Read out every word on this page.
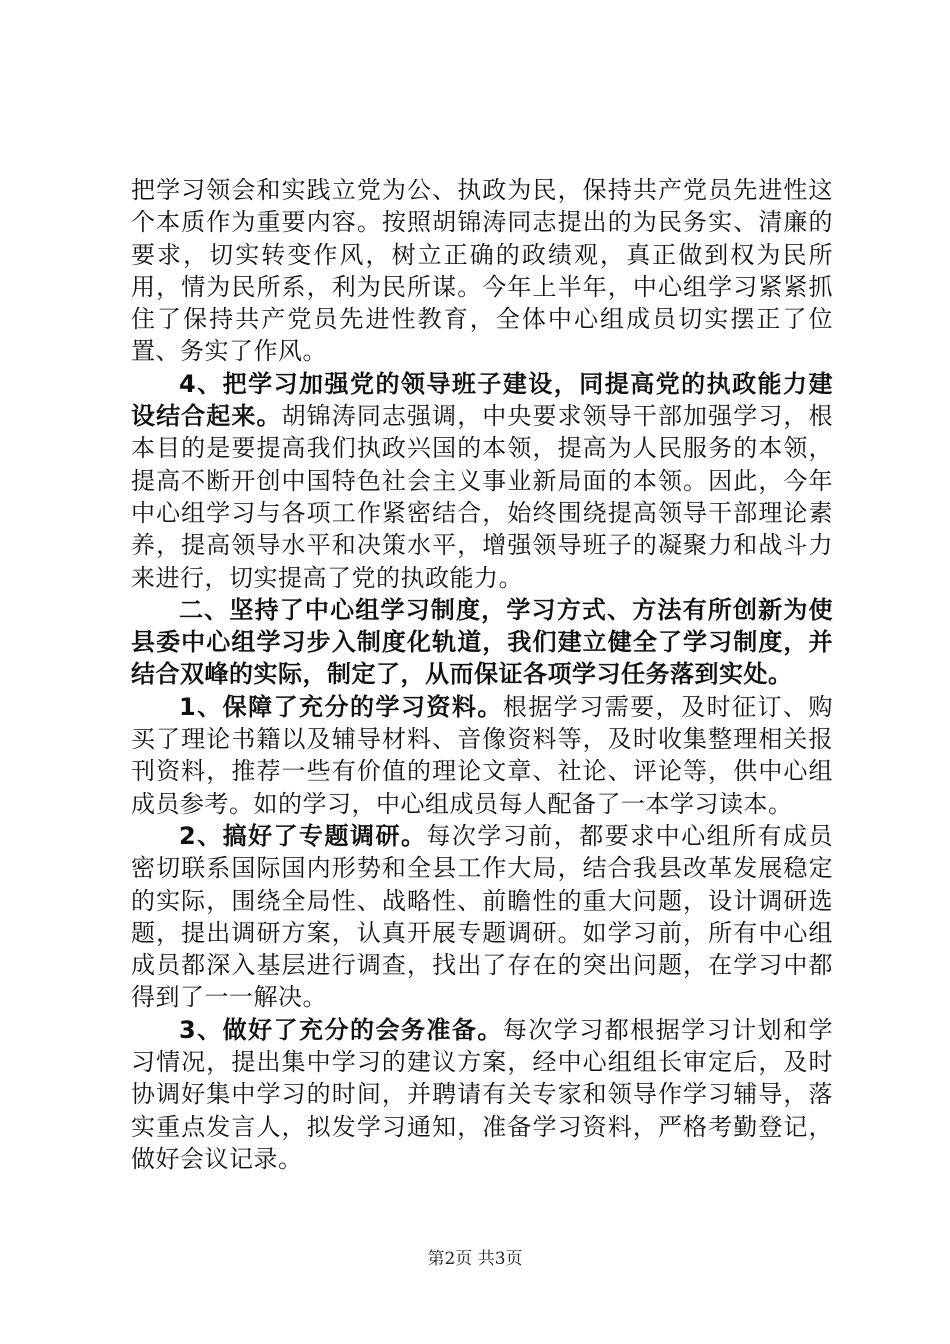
把学习领会和实践立党为公、执政为民，保持共产党员先进性这个本质作为重要内容。按照胡锦涛同志提出的为民务实、清廉的要求，切实转变作风，树立正确的政绩观，真正做到权为民所用，情为民所系，利为民所谋。今年上半年，中心组学习紧紧抓住了保持共产党员先进性教育，全体中心组成员切实摆正了位置、务实了作风。

4、把学习加强党的领导班子建设，同提高党的执政能力建设结合起来。胡锦涛同志强调，中央要求领导干部加强学习，根本目的是要提高我们执政兴国的本领，提高为人民服务的本领，提高不断开创中国特色社会主义事业新局面的本领。因此，今年中心组学习与各项工作紧密结合，始终围绕提高领导干部理论素养，提高领导水平和决策水平，增强领导班子的凝聚力和战斗力来进行，切实提高了党的执政能力。

二、坚持了中心组学习制度，学习方式、方法有所创新为使县委中心组学习步入制度化轨道，我们建立健全了学习制度，并结合双峰的实际，制定了，从而保证各项学习任务落到实处。

1、保障了充分的学习资料。根据学习需要，及时征订、购买了理论书籍以及辅导材料、音像资料等，及时收集整理相关报刊资料，推荐一些有价值的理论文章、社论、评论等，供中心组成员参考。如的学习，中心组成员每人配备了一本学习读本。

2、搞好了专题调研。每次学习前，都要求中心组所有成员密切联系国际国内形势和全县工作大局，结合我县改革发展稳定的实际，围绕全局性、战略性、前瞻性的重大问题，设计调研选题，提出调研方案，认真开展专题调研。如学习前，所有中心组成员都深入基层进行调查，找出了存在的突出问题，在学习中都得到了一一解决。

3、做好了充分的会务准备。每次学习都根据学习计划和学习情况，提出集中学习的建议方案，经中心组组长审定后，及时协调好集中学习的时间，并聘请有关专家和领导作学习辅导，落实重点发言人，拟发学习通知，准备学习资料，严格考勤登记，做好会议记录。

第2页 共3页
